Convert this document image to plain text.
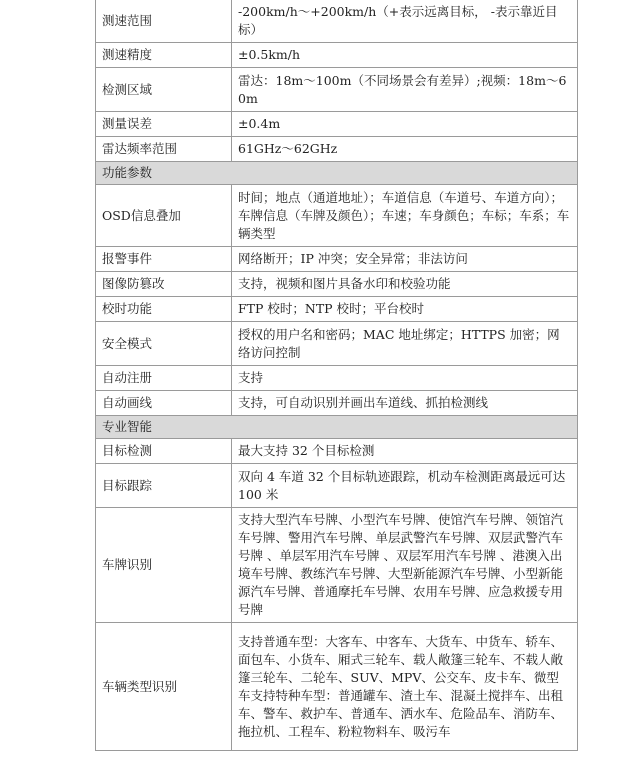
测速范围	-200km/h～+200km/h（+表示远离目标， -表示靠近目标）
测速精度	±0.5km/h
检测区域	雷达：18m～100m（不同场景会有差异）;视频：18m～60m
测量误差	±0.4m
雷达频率范围	61GHz～62GHz
功能参数	
OSD信息叠加	时间；地点（通道地址）；车道信息（车道号、车道方向）；车牌信息（车牌及颜色）；车速；车身颜色；车标；车系；车辆类型
报警事件	网络断开；IP 冲突；安全异常；非法访问
图像防篡改	支持，视频和图片具备水印和校验功能
校时功能	FTP 校时；NTP 校时；平台校时
安全模式	授权的用户名和密码；MAC 地址绑定；HTTPS 加密；网络访问控制
自动注册	支持
自动画线	支持，可自动识别并画出车道线、抓拍检测线
专业智能	
目标检测	最大支持 32 个目标检测
目标跟踪	双向 4 车道 32 个目标轨迹跟踪，机动车检测距离最远可达 100 米
车牌识别	支持大型汽车号牌、小型汽车号牌、使馆汽车号牌、领馆汽车号牌、警用汽车号牌、单层武警汽车号牌、双层武警汽车号牌 、单层军用汽车号牌 、双层军用汽车号牌 、港澳入出境车号牌、教练汽车号牌、大型新能源汽车号牌、小型新能源汽车号牌、普通摩托车号牌、农用车号牌、应急救援专用号牌
车辆类型识别	支持普通车型：大客车、中客车、大货车、中货车、轿车、面包车、小货车、厢式三轮车、载人敞篷三轮车、不载人敞篷三轮车、二轮车、SUV、MPV、公交车、皮卡车、微型车支持特种车型：普通罐车、渣土车、混凝土搅拌车、出租车、警车、救护车、普通车、洒水车、危险品车、消防车、拖拉机、工程车、粉粒物料车、吸污车
